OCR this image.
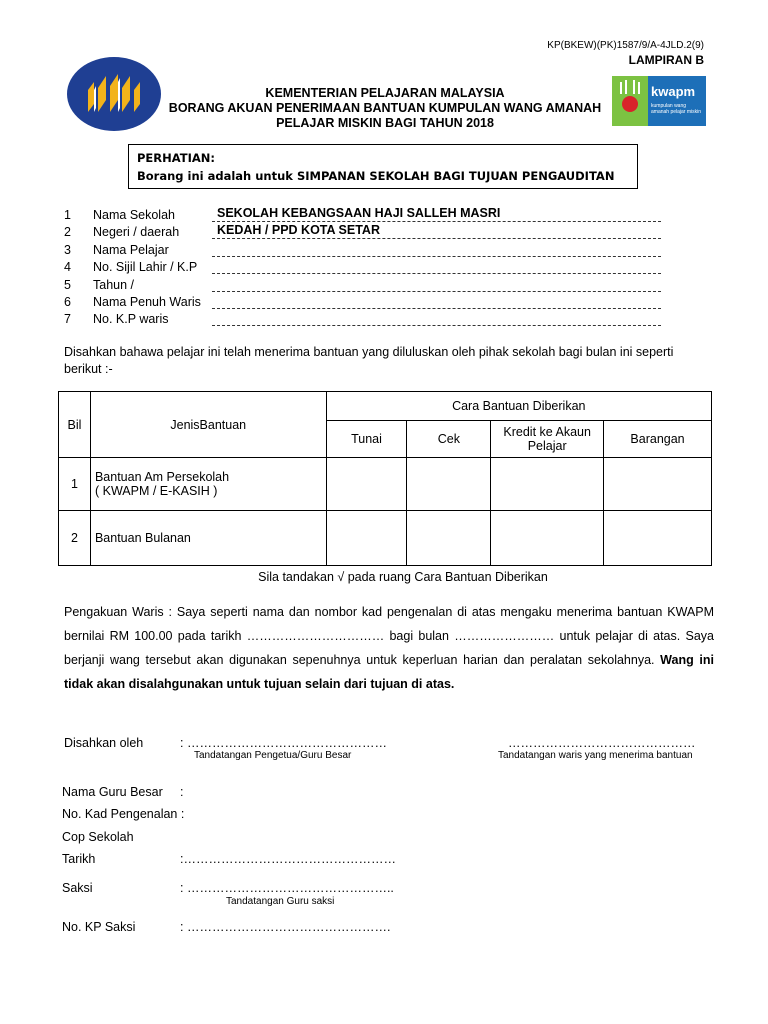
KP(BKEW)(PK)1587/9/A-4JLD.2(9)
LAMPIRAN B
KEMENTERIAN PELAJARAN MALAYSIA
BORANG AKUAN PENERIMAAN BANTUAN KUMPULAN WANG AMANAH
PELAJAR MISKIN BAGI TAHUN 2018
kwapm
kumpulan wang amanah pelajar miskin
PERHATIAN:
Borang ini adalah untuk SIMPANAN SEKOLAH BAGI TUJUAN PENGAUDITAN
1 Nama Sekolah	SEKOLAH KEBANGSAAN HAJI SALLEH MASRI
2 Negeri / daerah	KEDAH / PPD KOTA SETAR
3 Nama Pelajar
4 No. Sijil Lahir / K.P
5 Tahun /
6 Nama Penuh Waris
7 No. K.P waris
Disahkan bahawa pelajar ini telah menerima bantuan yang diluluskan oleh pihak sekolah bagi bulan ini seperti berikut :-
Bil	JenisBantuan	Cara Bantuan Diberikan			
		Tunai	Cek	Kredit ke Akaun Pelajar	Barangan
1	Bantuan Am Persekolah
( KWAPM / E-KASIH )				

2	Bantuan Bulanan				
Sila tandakan √ pada ruang Cara Bantuan Diberikan
Pengakuan Waris : Saya seperti nama dan nombor kad pengenalan di atas mengaku menerima bantuan KWAPM bernilai RM 100.00 pada tarikh …………………………… bagi bulan …………………… untuk pelajar di atas. Saya berjanji wang tersebut akan digunakan sepenuhnya untuk keperluan harian dan peralatan sekolahnya. Wang ini tidak akan disalahgunakan untuk tujuan selain dari tujuan di atas.
Disahkan oleh	: …………………………………………
Tandatangan Pengetua/Guru Besar
………………………………………
Tandatangan waris yang menerima bantuan
Nama Guru Besar :
No. Kad Pengenalan :
Cop Sekolah
Tarikh	:……………………………………………
Saksi	: …………………………………………..
Tandatangan Guru saksi
No. KP Saksi	: ………………………………………….
